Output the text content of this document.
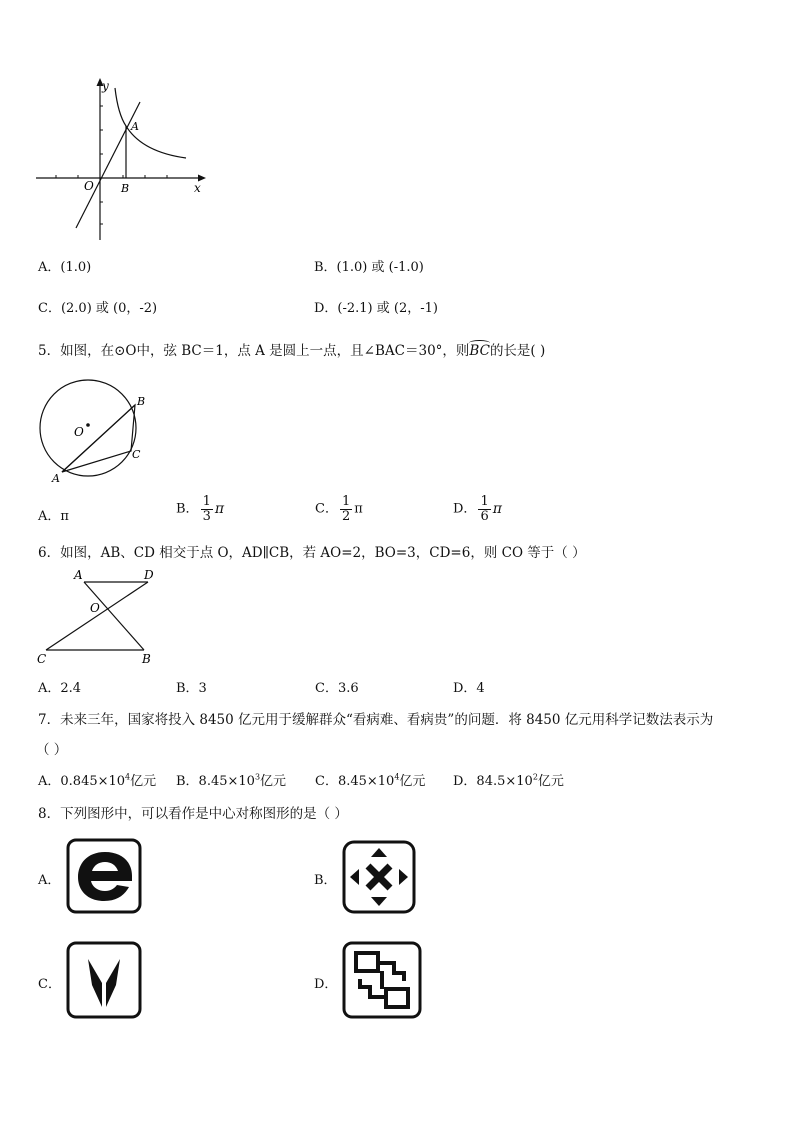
y
x
O
A
B
A．(1.0)	B．(1.0) 或 (-1.0)
C．(2.0) 或 (0，-2)	D．(-2.1) 或 (2，-1)
5．如图，在⊙O中，弦 BC＝1，点 A 是圆上一点，且∠BAC＝30°，则BC的长是( )
O
B
C
A
A．π	B． $\frac{1}{3}$ π	C． $\frac{1}{2}$ π	D． $\frac{1}{6}$ π
6．如图，AB、CD 相交于点 O，AD∥CB，若 AO=2，BO=3，CD=6，则 CO 等于（ ）
A	D
O
C	B
A．2.4	B．3	C．3.6	D．4
7．未来三年，国家将投入 8450 亿元用于缓解群众“看病难、看病贵”的问题．将 8450 亿元用科学记数法表示为
（ ）
A．$0.845\times 10^4$亿元 B．$8.45\times 10^3$亿元 C．$8.45\times 10^4$亿元 D．$84.5\times 10^2$亿元
8．下列图形中，可以看作是中心对称图形的是（ ）
A．	B．
C．	D．
